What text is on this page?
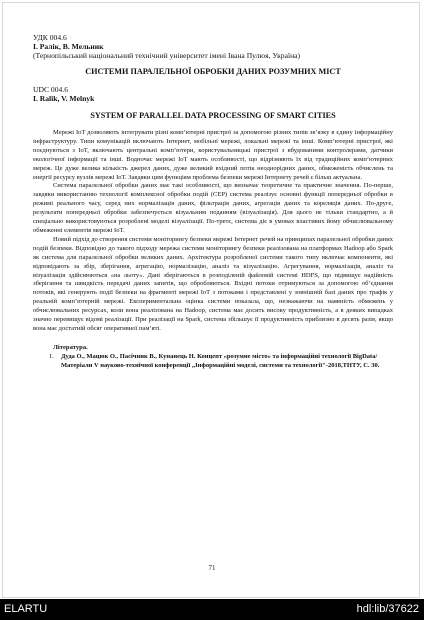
УДК 004.6

І. Ралік, В. Мельник

(Тернопільський національний технічний університет імені Івана Пулюя, Україна)

СИСТЕМИ ПАРАЛЕЛЬНОЇ ОБРОБКИ ДАНИХ РОЗУМНИХ МІСТ

UDC 004.6

I. Ralik, V. Melnyk

SYSTEM OF PARALLEL DATA PROCESSING OF SMART CITIES

Мережі IoT дозволяють інтегрувати різні комп’ютерні пристрої за допомогою різних типів зв’язку в єдину інформаційну інфраструктуру. Типи комунікацій включають Інтернет, мобільні мережі, локальні мережі та інші. Комп’ютерні пристрої, які поєднуються з IoT, включають центральні комп’ютери, користувальницькі пристрої з вбудованими контролерами, датчики екологічної інформації та інші. Водночас мережі IoT мають особливості, що відрізняють їх від традиційних комп’ютерних мереж. Це дуже велика кількість джерел даних, дуже великий вхідний потік неоднорідних даних, обмеженість обчислень та енергії ресурсу вузлів мережі IoT. Завдяки цим функціям проблема безпеки мережі Інтернету речей є більш актуальна.

Система паралельної обробки даних має такі особливості, що визначає теоретичне та практичне значення. По-перше, завдяки використанню технології комплексної обробки подій (CEP) система реалізує основні функції попередньої обробки в режимі реального часу, серед них нормалізація даних, фільтрація даних, агрегація даних та кореляція даних. По-друге, результати попередньої обробки забезпечується візуальним поданням (візуалізація). Для цього не тільки стандартно, а й спеціально використовуються розроблені моделі візуалізації. По-третє, система діє в умовах властивих йому обчислювальному обмеженні елементів мережі IoT.

Новий підхід до створення системи моніторингу безпеки мережі Інтернет речей на принципах паралельної обробки даних подій безпеки. Відповідно до такого підходу мережа системи моніторингу безпеки реалізована на платформах Hadoop або Spark як система для паралельної обробки великих даних. Архітектура розробленої системи такого типу включає компоненти, які відповідають за збір, зберігання, агрегацію, нормалізацію, аналіз та візуалізацію. Агрегування, нормалізація, аналіз та візуалізація здійснюються «на льоту». Дані зберігаються в розподіленій файловій системі HDFS, що підвищує надійність зберігання та швидкість передачі даних запитів, що обробляються. Вхідні потоки отримуються за допомогою об’єднання потоків, які генерують події безпеки на фрагменті мережі IoT з потоками і представлені у зовнішній базі даних про трафік у реальній комп’ютерній мережі. Експериментальна оцінка системи показала, що, незважаючи на наявність обмежень у обчислювальних ресурсах, коли вона реалізована на Hadoop, система має досить високу продуктивність, а в деяких випадках значно перевищує відомі реалізації. При реалізації на Spark, система збільшує її продуктивність приблизно в десять разів, якщо вона має достатній обсяг оперативної пам’яті.

Література.

1. Дуда О., Мацюк О., Пасічник В., Кунанець Н. Концепт «розумне місто» та інформаційні технології BigData/ Матеріали V науково-технічної конференції „Інформаційні моделі, системи та технології"-2018,ТНТУ, С. 30.

71
ELARTU	hdl:lib/37622
